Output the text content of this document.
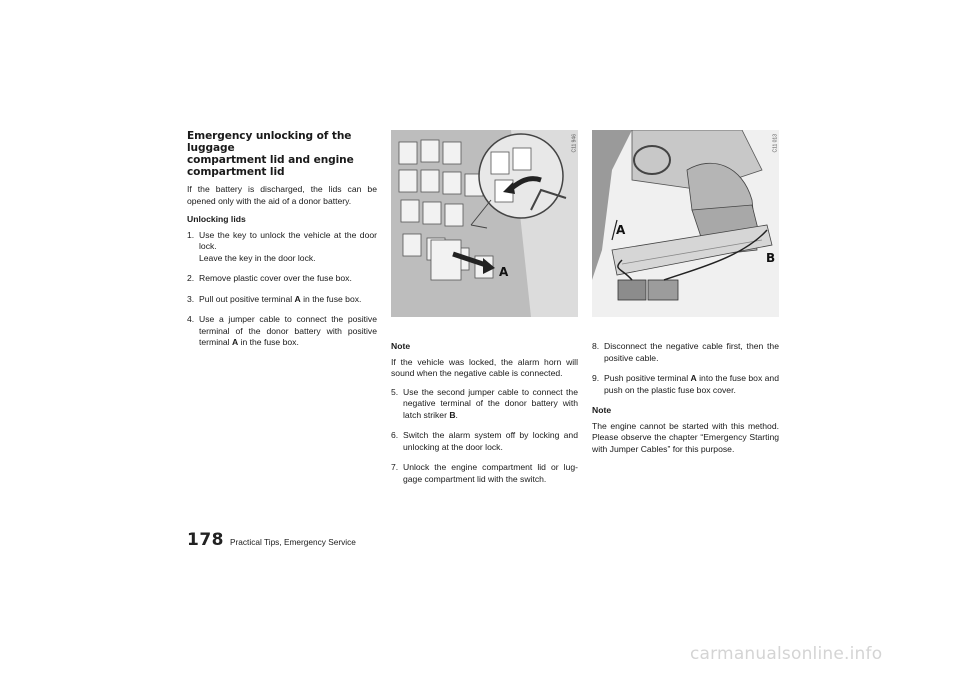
Emergency unlocking of the luggage
compartment lid and engine
compartment lid

If the battery is discharged, the lids can be opened only with the aid of a donor battery.

Unlocking lids
1. Use the key to unlock the vehicle at the door lock.
Leave the key in the door lock.
2. Remove plastic cover over the fuse box.
3. Pull out positive terminal A in the fuse box.
4. Use a jumper cable to connect the positive terminal of the donor battery with positive terminal A in the fuse box.
A
C11 946
A
B
C11 013
Note

If the vehicle was locked, the alarm horn will sound when the negative cable is connected.

5. Use the second jumper cable to connect the negative terminal of the donor battery with latch striker B.
6. Switch the alarm system off by locking and unlocking at the door lock.
7. Unlock the engine compartment lid or lug-gage compartment lid with the switch.
8. Disconnect the negative cable first, then the positive cable.
9. Push positive terminal A into the fuse box and push on the plastic fuse box cover.
Note

The engine cannot be started with this method. Please observe the chapter “Emergency Starting with Jumper Cables” for this purpose.

178 Practical Tips, Emergency Service
carmanualsonline.info
